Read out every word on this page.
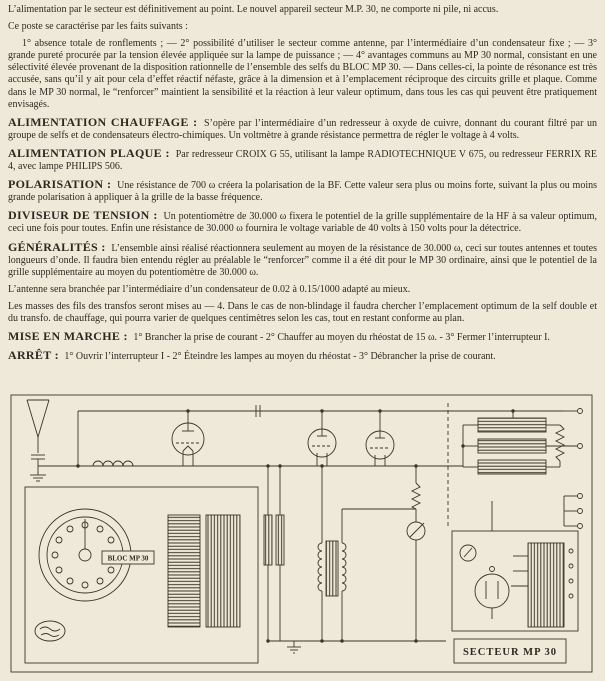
L’alimentation par le secteur est définitivement au point. Le nouvel appareil secteur M.P. 30, ne comporte ni pile, ni accus.

Ce poste se caractérise par les faits suivants :

1° absence totale de ronflements ; — 2° possibilité d’utiliser le secteur comme antenne, par l’intermédiaire d’un condensateur fixe ; — 3° grande pureté procurée par la tension élevée appliquée sur la lampe de puissance ; — 4° avantages communs au MP 30 normal, consistant en une sélectivité élevée provenant de la disposition rationnelle de l’ensemble des selfs du BLOC MP 30. — Dans celles-ci, la pointe de résonance est très accusée, sans qu’il y ait pour cela d’effet réactif néfaste, grâce à la dimension et à l’emplacement réciproque des circuits grille et plaque. Comme dans le MP 30 normal, le “renforcer” maintient la sensibilité et la réaction à leur valeur optimum, dans tous les cas qui peuvent être pratiquement envisagés.

ALIMENTATION CHAUFFAGE : S’opère par l’intermédiaire d’un redresseur à oxyde de cuivre, donnant du courant filtré par un groupe de selfs et de condensateurs électro-chimiques. Un voltmètre à grande résistance permettra de régler le voltage à 4 volts.

ALIMENTATION PLAQUE : Par redresseur CROIX G 55, utilisant la lampe RADIOTECHNIQUE V 675, ou redresseur FERRIX RE 4, avec lampe PHILIPS 506.

POLARISATION : Une résistance de 700 ω créera la polarisation de la BF. Cette valeur sera plus ou moins forte, suivant la plus ou moins grande polarisation à appliquer à la grille de la basse fréquence.

DIVISEUR DE TENSION : Un potentiomètre de 30.000 ω fixera le potentiel de la grille supplémentaire de la HF à sa valeur optimum, ceci une fois pour toutes. Enfin une résistance de 30.000 ω fournira le voltage variable de 40 volts à 150 volts pour la détectrice.

GÉNÉRALITÉS : L’ensemble ainsi réalisé réactionnera seulement au moyen de la résistance de 30.000 ω, ceci sur toutes antennes et toutes longueurs d’onde. Il faudra bien entendu régler au préalable le “renforcer” comme il a été dit pour le MP 30 ordinaire, ainsi que le potentiel de la grille supplémentaire au moyen du potentiomètre de 30.000 ω.

L’antenne sera branchée par l’intermédiaire d’un condensateur de 0.02 à 0.15/1000 adapté au mieux.

Les masses des fils des transfos seront mises au — 4. Dans le cas de non-blindage il faudra chercher l’emplacement optimum de la self double et du transfo. de chauffage, qui pourra varier de quelques centimètres selon les cas, tout en restant conforme au plan.

MISE EN MARCHE : 1° Brancher la prise de courant - 2° Chauffer au moyen du rhéostat de 15 ω. - 3° Fermer l’interrupteur I.

ARRÊT : 1° Ouvrir l’interrupteur I - 2° Éteindre les lampes au moyen du rhéostat - 3° Débrancher la prise de courant.

BLOC MP 30
SECTEUR MP 30
